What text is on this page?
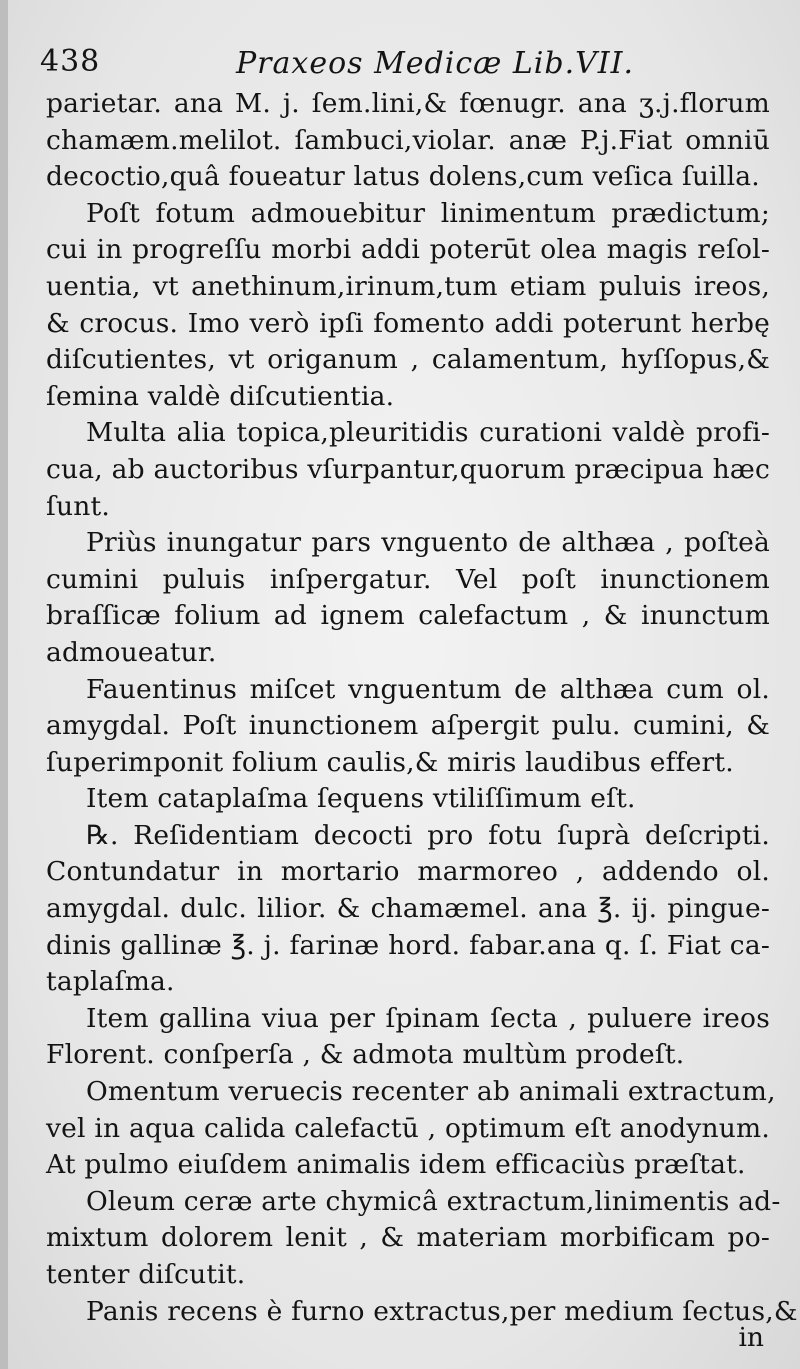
438	Praxeos Medicæ Lib.VII.
parietar. ana M. j. ſem.lini,& fœnugr. ana ʒ.j.florum
chamæm.melilot. ſambuci,violar. anæ P.j.Fiat omniū
decoctio,quâ foueatur latus dolens,cum veſica ſuilla.
Poſt fotum admouebitur linimentum prædictum;
cui in progreſſu morbi addi poterūt olea magis reſol-
uentia, vt anethinum,irinum,tum etiam puluis ireos,
& crocus. Imo verò ipſi fomento addi poterunt herbę
diſcutientes, vt origanum , calamentum, hyſſopus,&
ſemina valdè diſcutientia.
Multa alia topica,pleuritidis curationi valdè profi-
cua, ab auctoribus vſurpantur,quorum præcipua hæc
ſunt.
Priùs inungatur pars vnguento de althæa , poſteà
cumini puluis inſpergatur. Vel poſt inunctionem
braſſicæ folium ad ignem calefactum , & inunctum
admoueatur.
Fauentinus miſcet vnguentum de althæa cum ol.
amygdal. Poſt inunctionem aſpergit pulu. cumini, &
ſuperimponit folium caulis,& miris laudibus effert.
Item cataplaſma ſequens vtiliſſimum eſt.
℞. Reſidentiam decocti pro fotu ſuprà deſcripti.
Contundatur in mortario marmoreo , addendo ol.
amygdal. dulc. lilior. & chamæmel. ana ℥. ij. pingue-
dinis gallinæ ℥. j. farinæ hord. fabar.ana q. ſ. Fiat ca-
taplaſma.
Item gallina viua per ſpinam ſecta , puluere ireos
Florent. conſperſa , & admota multùm prodeſt.
Omentum veruecis recenter ab animali extractum,
vel in aqua calida calefactū , optimum eſt anodynum.
At pulmo eiuſdem animalis idem efficaciùs præſtat.
Oleum ceræ arte chymicâ extractum,linimentis ad-
mixtum dolorem lenit , & materiam morbificam po-
tenter diſcutit.
Panis recens è furno extractus,per medium ſectus,&
in
